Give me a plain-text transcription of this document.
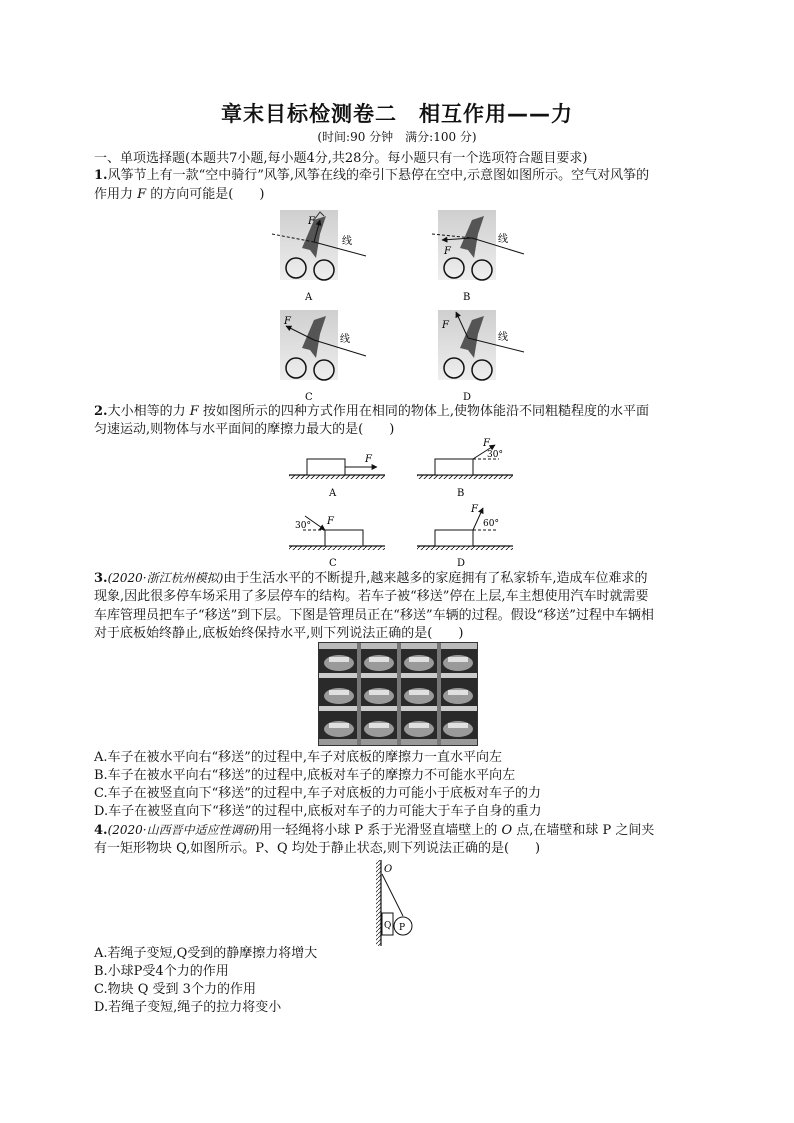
章末目标检测卷二　相互作用——力
(时间:90 分钟　满分:100 分)
一、单项选择题(本题共7小题,每小题4分,共28分。每小题只有一个选项符合题目要求)
1.风筝节上有一款“空中骑行”风筝,风筝在线的牵引下悬停在空中,示意图如图所示。空气对风筝的
作用力 F 的方向可能是(　　)
F
线
A
F
线
B
F
线
C
F
线
D
2.大小相等的力 F 按如图所示的四种方式作用在相同的物体上,使物体能沿不同粗糙程度的水平面
匀速运动,则物体与水平面间的摩擦力最大的是(　　)
F
A
F
30°
B
F
30°
C
F
60°
D
3.(2020·浙江杭州模拟)由于生活水平的不断提升,越来越多的家庭拥有了私家轿车,造成车位难求的
现象,因此很多停车场采用了多层停车的结构。若车子被“移送”停在上层,车主想使用汽车时就需要
车库管理员把车子“移送”到下层。下图是管理员正在“移送”车辆的过程。假设“移送”过程中车辆相
对于底板始终静止,底板始终保持水平,则下列说法正确的是(　　)
A.车子在被水平向右“移送”的过程中,车子对底板的摩擦力一直水平向左
B.车子在被水平向右“移送”的过程中,底板对车子的摩擦力不可能水平向左
C.车子在被竖直向下“移送”的过程中,车子对底板的力可能小于底板对车子的力
D.车子在被竖直向下“移送”的过程中,底板对车子的力可能大于车子自身的重力
4.(2020·山西晋中适应性调研)用一轻绳将小球 P 系于光滑竖直墙壁上的 O 点,在墙壁和球 P 之间夹
有一矩形物块 Q,如图所示。P、Q 均处于静止状态,则下列说法正确的是(　　)
O
Q P
A.若绳子变短,Q受到的静摩擦力将增大
B.小球P受4个力的作用
C.物块 Q 受到 3个力的作用
D.若绳子变短,绳子的拉力将变小
